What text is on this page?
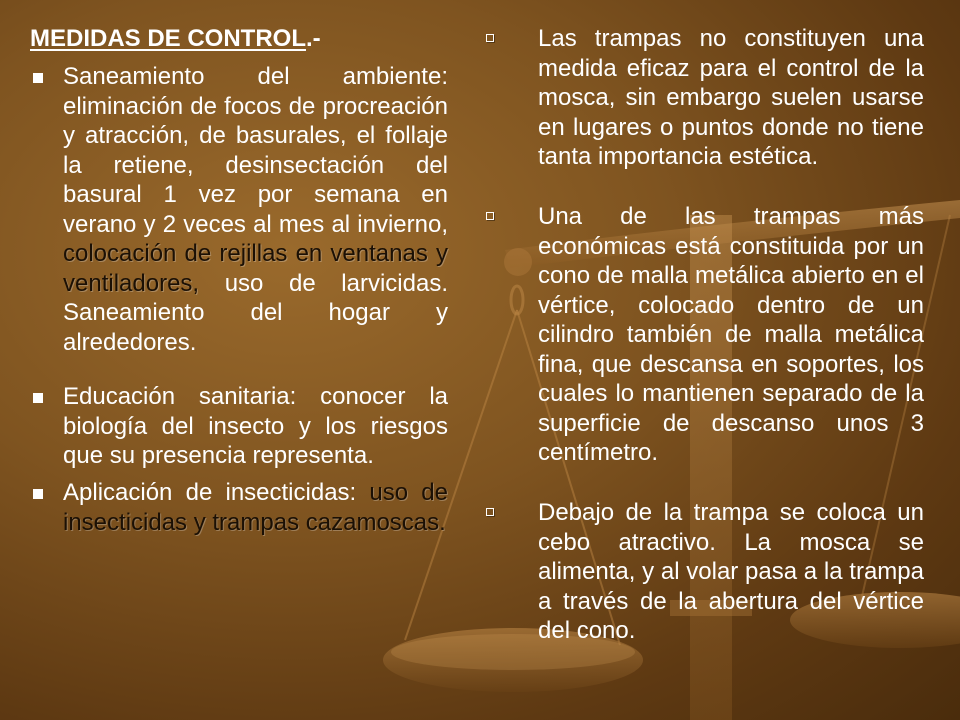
MEDIDAS DE CONTROL.-
Saneamiento del ambiente: eliminación de focos de procreación y atracción, de basurales, el follaje la retiene, desinsectación del basural 1 vez por semana en verano y 2 veces al mes al invierno, colocación de rejillas en ventanas y ventiladores, uso de larvicidas. Saneamiento del hogar y alrededores.
Educación sanitaria: conocer la biología del insecto y los riesgos que su presencia representa.
Aplicación de insecticidas: uso de insecticidas y trampas cazamoscas.
Las trampas no constituyen una medida eficaz para el control de la mosca, sin embargo suelen usarse en lugares o puntos donde no tiene tanta importancia estética.
Una de las trampas más económicas está constituida por un cono de malla metálica abierto en el vértice, colocado dentro de un cilindro también de malla metálica fina, que descansa en soportes, los cuales lo mantienen separado de la superficie de descanso unos 3 centímetro.
Debajo de la trampa se coloca un cebo atractivo. La mosca se alimenta, y al volar pasa a la trampa a través de la abertura del vértice del cono.
